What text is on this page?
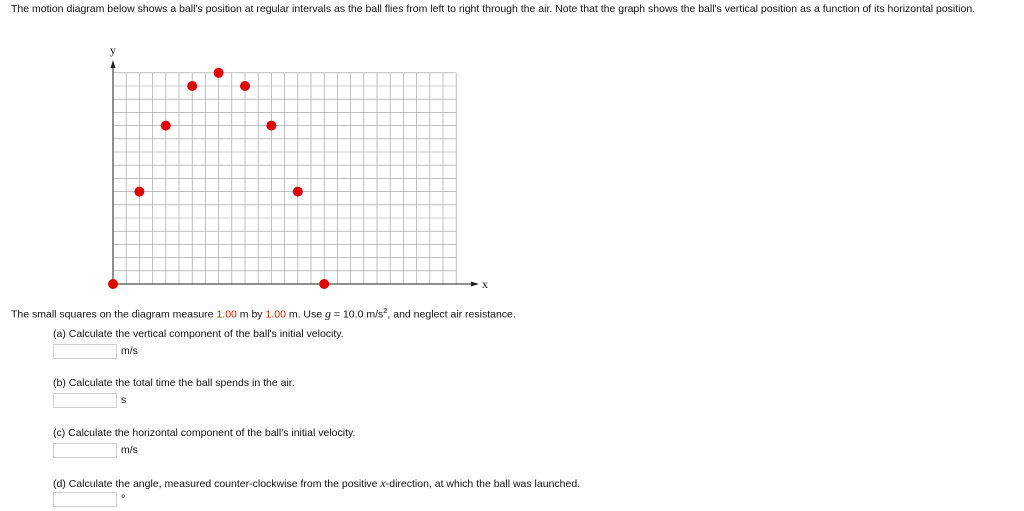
The motion diagram below shows a ball's position at regular intervals as the ball flies from left to right through the air. Note that the graph shows the ball's vertical position as a function of its horizontal position.
y
x
The small squares on the diagram measure 1.00 m by 1.00 m. Use g = 10.0 $m/s^2$, and neglect air resistance.
(a) Calculate the vertical component of the ball's initial velocity.
m/s
(b) Calculate the total time the ball spends in the air.
s
(c) Calculate the horizontal component of the ball's initial velocity.
m/s
(d) Calculate the angle, measured counter-clockwise from the positive x-direction, at which the ball was launched.
°
